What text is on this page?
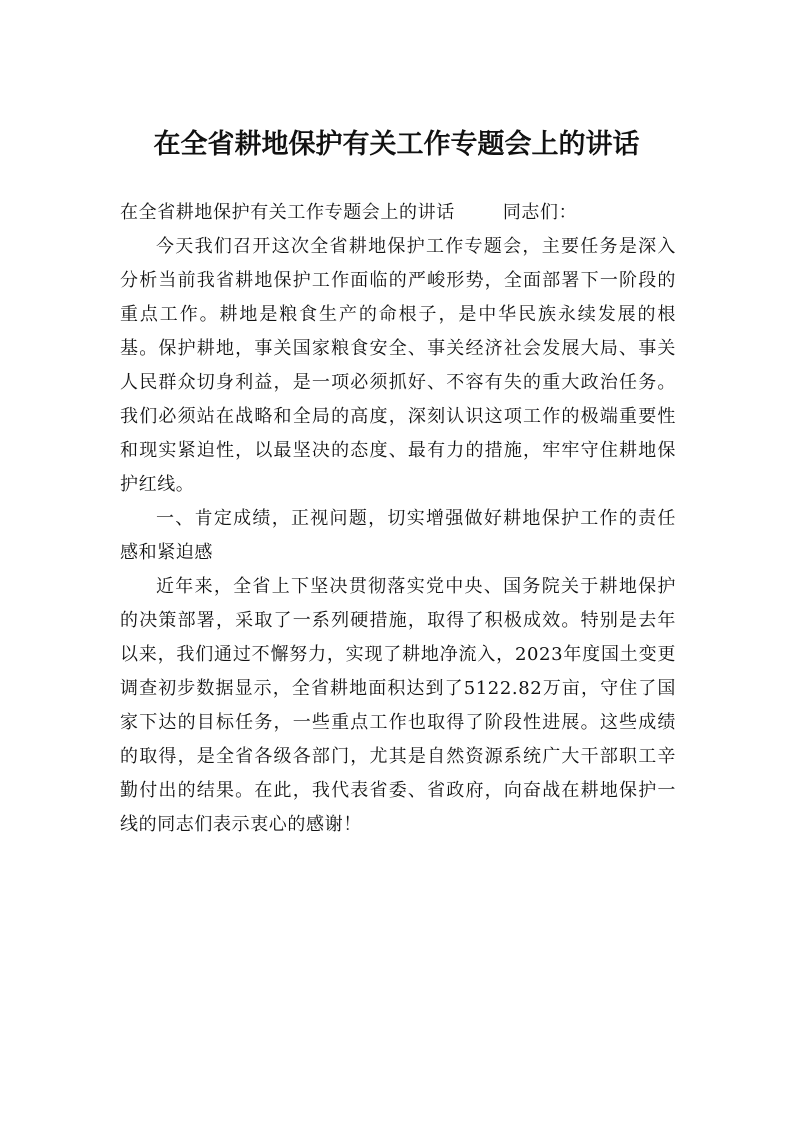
在全省耕地保护有关工作专题会上的讲话

在全省耕地保护有关工作专题会上的讲话	同志们：

今天我们召开这次全省耕地保护工作专题会，主要任务是深入分析当前我省耕地保护工作面临的严峻形势，全面部署下一阶段的重点工作。耕地是粮食生产的命根子，是中华民族永续发展的根基。保护耕地，事关国家粮食安全、事关经济社会发展大局、事关人民群众切身利益，是一项必须抓好、不容有失的重大政治任务。我们必须站在战略和全局的高度，深刻认识这项工作的极端重要性和现实紧迫性，以最坚决的态度、最有力的措施，牢牢守住耕地保护红线。

一、肯定成绩，正视问题，切实增强做好耕地保护工作的责任感和紧迫感

近年来，全省上下坚决贯彻落实党中央、国务院关于耕地保护的决策部署，采取了一系列硬措施，取得了积极成效。特别是去年以来，我们通过不懈努力，实现了耕地净流入，2023年度国土变更调查初步数据显示，全省耕地面积达到了5122.82万亩，守住了国家下达的目标任务，一些重点工作也取得了阶段性进展。这些成绩的取得，是全省各级各部门，尤其是自然资源系统广大干部职工辛勤付出的结果。在此，我代表省委、省政府，向奋战在耕地保护一线的同志们表示衷心的感谢！
